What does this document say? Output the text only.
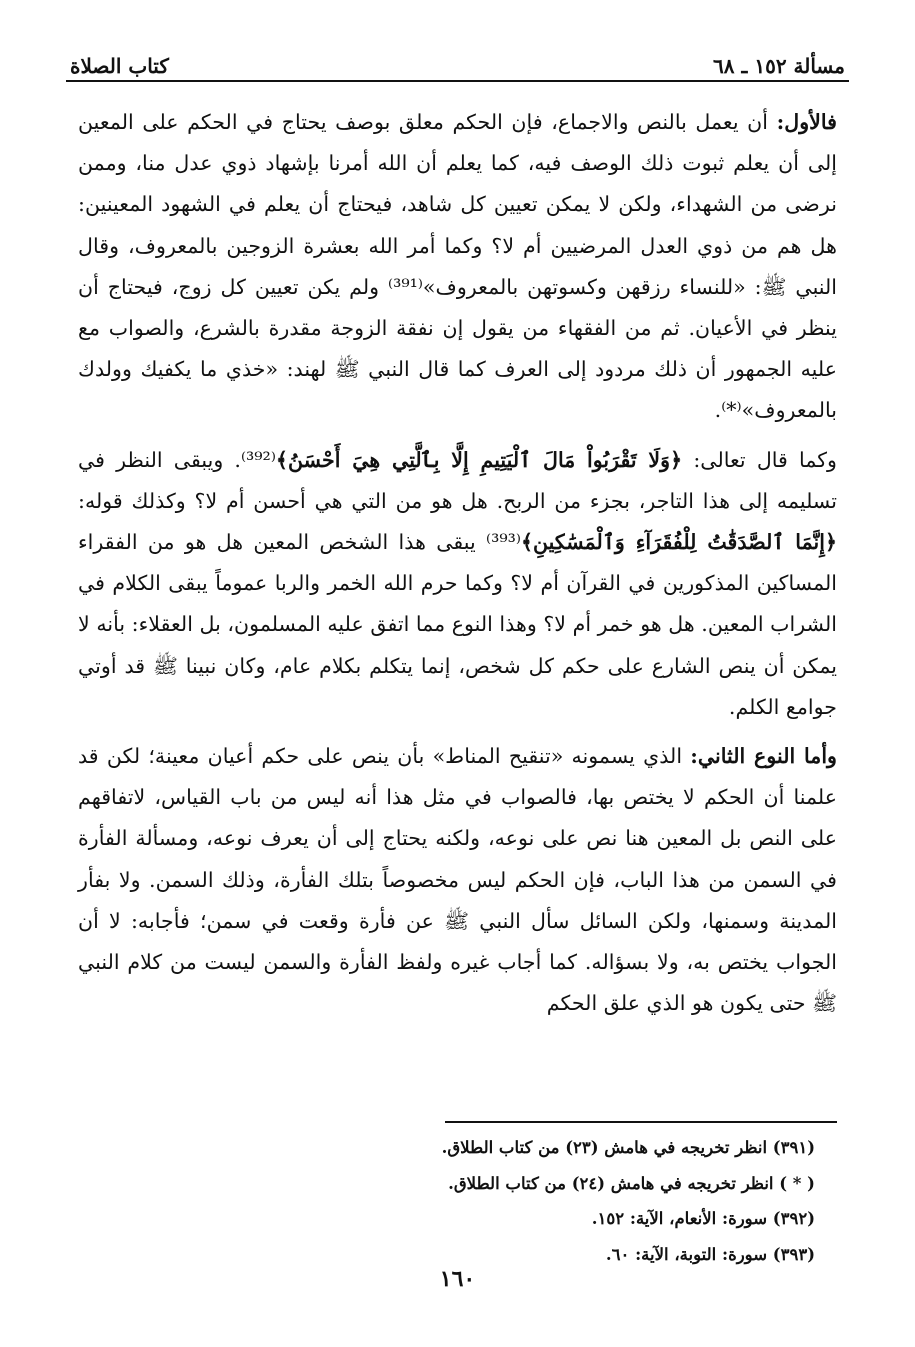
كتاب الصلاة	مسألة ١٥٢ ـ ٦٨

فالأول: أن يعمل بالنص والاجماع، فإن الحكم معلق بوصف يحتاج في الحكم على المعين إلى أن يعلم ثبوت ذلك الوصف فيه، كما يعلم أن الله أمرنا بإشهاد ذوي عدل منا، وممن نرضى من الشهداء، ولكن لا يمكن تعيين كل شاهد، فيحتاج أن يعلم في الشهود المعينين: هل هم من ذوي العدل المرضيين أم لا؟ وكما أمر الله بعشرة الزوجين بالمعروف، وقال النبي ﷺ: «للنساء رزقهن وكسوتهن بالمعروف»⁽³⁹¹⁾ ولم يكن تعيين كل زوج، فيحتاج أن ينظر في الأعيان. ثم من الفقهاء من يقول إن نفقة الزوجة مقدرة بالشرع، والصواب مع عليه الجمهور أن ذلك مردود إلى العرف كما قال النبي ﷺ لهند: «خذي ما يكفيك وولدك بالمعروف»⁽*⁾.

وكما قال تعالى: ﴿وَلَا تَقْرَبُواْ مَالَ ٱلْيَتِيمِ إِلَّا بِٱلَّتِي هِيَ أَحْسَنُ﴾⁽³⁹²⁾. ويبقى النظر في تسليمه إلى هذا التاجر، بجزء من الربح. هل هو من التي هي أحسن أم لا؟ وكذلك قوله: ﴿إِنَّمَا ٱلصَّدَقَٰتُ لِلْفُقَرَآءِ وَٱلْمَسَٰكِينِ﴾⁽³⁹³⁾ يبقى هذا الشخص المعين هل هو من الفقراء المساكين المذكورين في القرآن أم لا؟ وكما حرم الله الخمر والربا عموماً يبقى الكلام في الشراب المعين. هل هو خمر أم لا؟ وهذا النوع مما اتفق عليه المسلمون، بل العقلاء: بأنه لا يمكن أن ينص الشارع على حكم كل شخص، إنما يتكلم بكلام عام، وكان نبينا ﷺ قد أوتي جوامع الكلم.

وأما النوع الثاني: الذي يسمونه «تنقيح المناط» بأن ينص على حكم أعيان معينة؛ لكن قد علمنا أن الحكم لا يختص بها، فالصواب في مثل هذا أنه ليس من باب القياس، لاتفاقهم على النص بل المعين هنا نص على نوعه، ولكنه يحتاج إلى أن يعرف نوعه، ومسألة الفأرة في السمن من هذا الباب، فإن الحكم ليس مخصوصاً بتلك الفأرة، وذلك السمن. ولا بفأر المدينة وسمنها، ولكن السائل سأل النبي ﷺ عن فأرة وقعت في سمن؛ فأجابه: لا أن الجواب يختص به، ولا بسؤاله. كما أجاب غيره ولفظ الفأرة والسمن ليست من كلام النبي ﷺ حتى يكون هو الذي علق الحكم

(٣٩١) انظر تخريجه في هامش (٢٣) من كتاب الطلاق.
( * ) انظر تخريجه في هامش (٢٤) من كتاب الطلاق.
(٣٩٢) سورة: الأنعام، الآية: ١٥٢.
(٣٩٣) سورة: التوبة، الآية: ٦٠.
١٦٠
